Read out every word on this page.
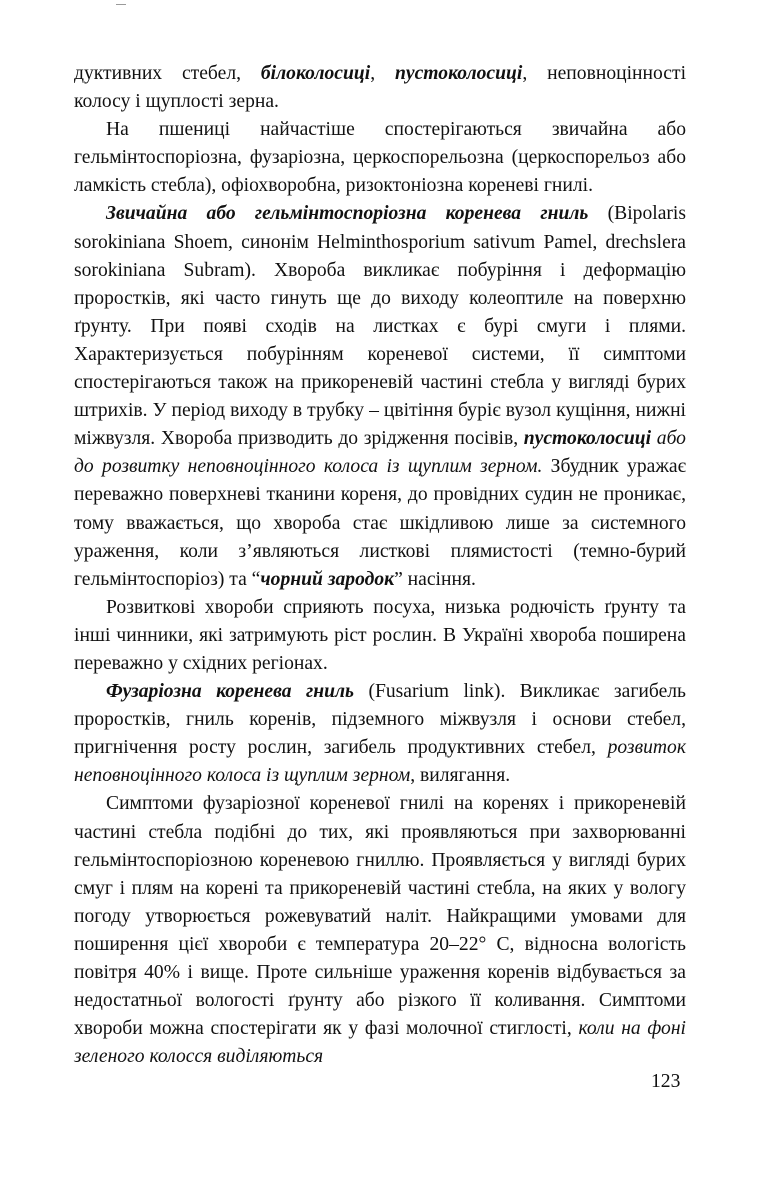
дуктивних стебел, білоколосиці, пустоколосиці, неповноцінності колосу і щуплості зерна.

На пшениці найчастіше спостерігаються звичайна або гельмінтоспоріозна, фузаріозна, церкоспорельозна (церкоспорельоз або ламкість стебла), офіохворобна, ризоктоніозна кореневі гнилі.

Звичайна або гельмінтоспоріозна коренева гниль (Bipolaris sorokiniana Shoem, синонім Helminthosporium sativum Pamel, drechslera sorokiniana Subram). Хвороба викликає побуріння і деформацію проростків, які часто гинуть ще до виходу колеоптиле на поверхню ґрунту. При появі сходів на листках є бурі смуги і плями. Характеризується побурінням кореневої системи, її симптоми спостерігаються також на прикореневій частині стебла у вигляді бурих штрихів. У період виходу в трубку – цвітіння буріє вузол кущіння, нижні міжвузля. Хвороба призводить до зрідження посівів, пустоколосиці або до розвитку неповноцінного колоса із щуплим зерном. Збудник уражає переважно поверхневі тканини кореня, до провідних судин не проникає, тому вважається, що хвороба стає шкідливою лише за системного ураження, коли з’являються листкові плямистості (темно-бурий гельмінтоспоріоз) та “чорний зародок” насіння.

Розвиткові хвороби сприяють посуха, низька родючість ґрунту та інші чинники, які затримують ріст рослин. В Україні хвороба поширена переважно у східних регіонах.

Фузаріозна коренева гниль (Fusarium link). Викликає загибель проростків, гниль коренів, підземного міжвузля і основи стебел, пригнічення росту рослин, загибель продуктивних стебел, розвиток неповноцінного колоса із щуплим зерном, вилягання.

Симптоми фузаріозної кореневої гнилі на коренях і прикореневій частині стебла подібні до тих, які проявляються при захворюванні гельмінтоспоріозною кореневою гниллю. Проявляється у вигляді бурих смуг і плям на корені та прикореневій частині стебла, на яких у вологу погоду утворюється рожевуватий наліт. Найкращими умовами для поширення цієї хвороби є температура 20–22° С, відносна вологість повітря 40% і вище. Проте сильніше ураження коренів відбувається за недостатньої вологості ґрунту або різкого її коливання. Симптоми хвороби можна спостерігати як у фазі молочної стиглості, коли на фоні зеленого колосся виділяються

123
